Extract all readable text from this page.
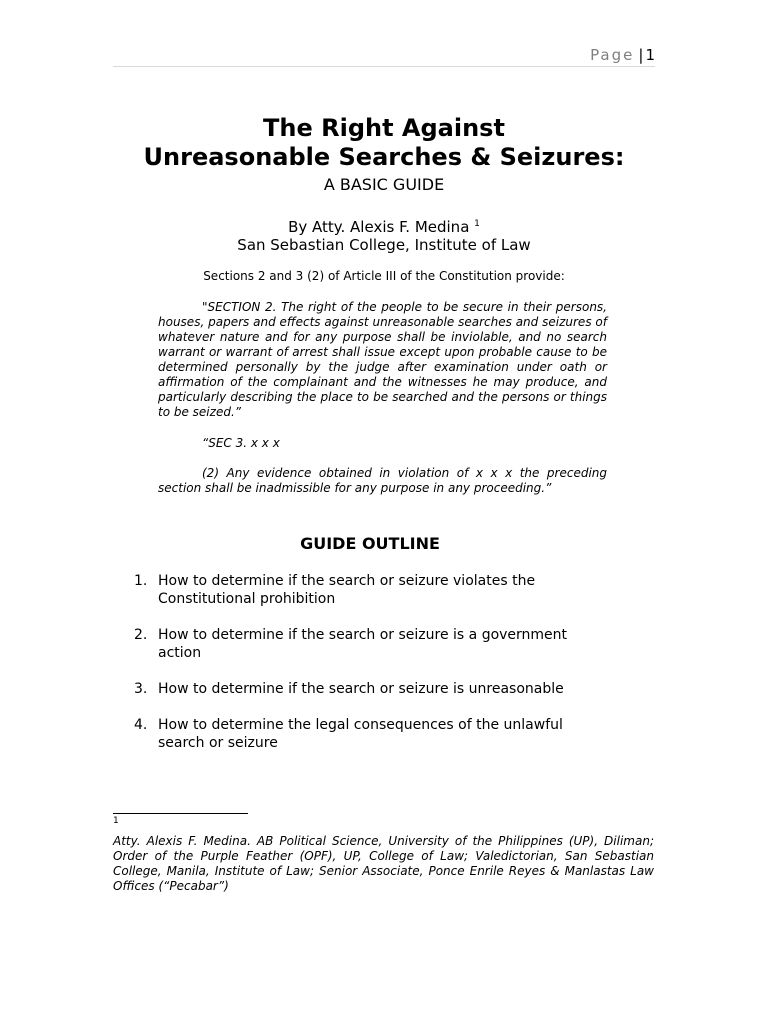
Page | 1
The Right Against
Unreasonable Searches & Seizures:
A BASIC GUIDE
By Atty. Alexis F. Medina $^1$
San Sebastian College, Institute of Law
Sections 2 and 3 (2) of Article III of the Constitution provide:

"SECTION 2. The right of the people to be secure in their persons, houses, papers and effects against unreasonable searches and seizures of whatever nature and for any purpose shall be inviolable, and no search warrant or warrant of arrest shall issue except upon probable cause to be determined personally by the judge after examination under oath or affirmation of the complainant and the witnesses he may produce, and particularly describing the place to be searched and the persons or things to be seized.”

“SEC 3. x x x

(2) Any evidence obtained in violation of x x x the preceding section shall be inadmissible for any purpose in any proceeding.”

GUIDE OUTLINE
1. How to determine if the search or seizure violates the Constitutional prohibition
2. How to determine if the search or seizure is a government action
3. How to determine if the search or seizure is unreasonable
4. How to determine the legal consequences of the unlawful search or seizure
1
Atty. Alexis F. Medina. AB Political Science, University of the Philippines (UP), Diliman; Order of the Purple Feather (OPF), UP, College of Law; Valedictorian, San Sebastian College, Manila, Institute of Law; Senior Associate, Ponce Enrile Reyes & Manlastas Law Offices (“Pecabar”)
